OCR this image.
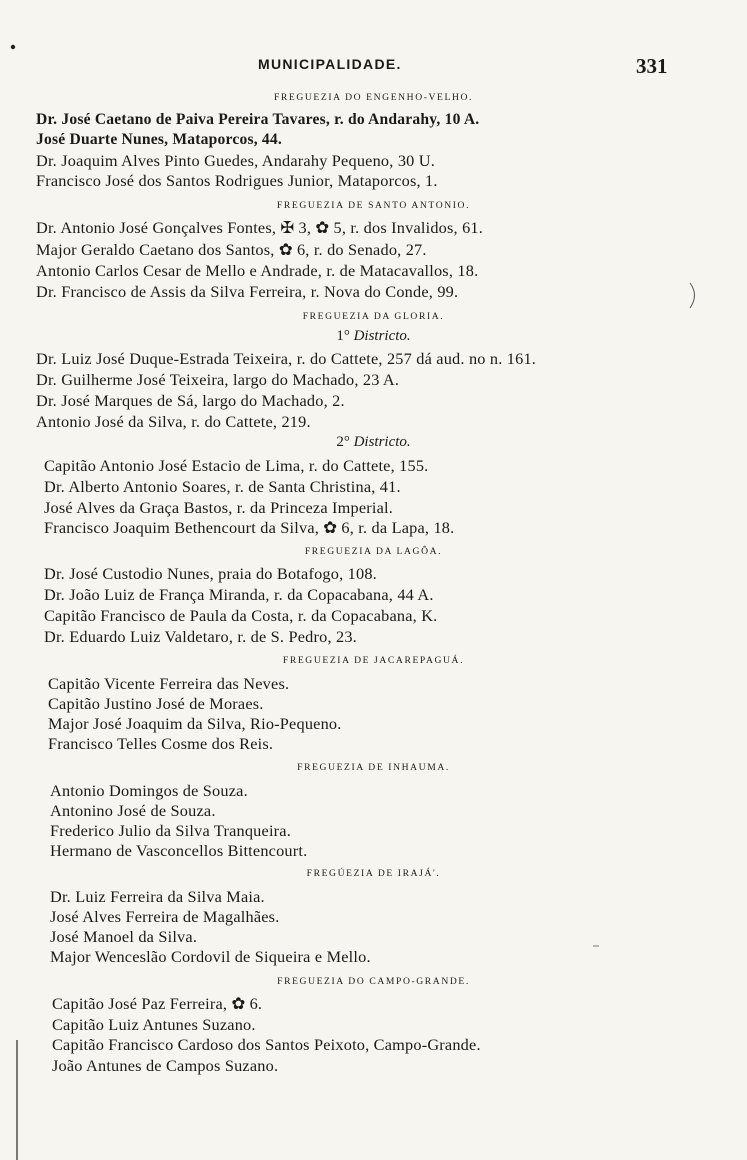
MUNICIPALIDADE.	331
FREGUEZIA DO ENGENHO-VELHO.
Dr. José Caetano de Paiva Pereira Tavares, r. do Andarahy, 10 A.
José Duarte Nunes, Mataporcos, 44.
Dr. Joaquim Alves Pinto Guedes, Andarahy Pequeno, 30 U.
Francisco José dos Santos Rodrigues Junior, Mataporcos, 1.
FREGUEZIA DE SANTO ANTONIO.
Dr. Antonio José Gonçalves Fontes, ✠ 3, ✿ 5, r. dos Invalidos, 61.
Major Geraldo Caetano dos Santos, ✿ 6, r. do Senado, 27.
Antonio Carlos Cesar de Mello e Andrade, r. de Matacavallos, 18.
Dr. Francisco de Assis da Silva Ferreira, r. Nova do Conde, 99.
FREGUEZIA DA GLORIA.
1° Districto.
Dr. Luiz José Duque-Estrada Teixeira, r. do Cattete, 257 dá aud. no n. 161.
Dr. Guilherme José Teixeira, largo do Machado, 23 A.
Dr. José Marques de Sá, largo do Machado, 2.
Antonio José da Silva, r. do Cattete, 219.
2° Districto.
Capitão Antonio José Estacio de Lima, r. do Cattete, 155.
Dr. Alberto Antonio Soares, r. de Santa Christina, 41.
José Alves da Graça Bastos, r. da Princeza Imperial.
Francisco Joaquim Bethencourt da Silva, ✿ 6, r. da Lapa, 18.
FREGUEZIA DA LAGÔA.
Dr. José Custodio Nunes, praia do Botafogo, 108.
Dr. João Luiz de França Miranda, r. da Copacabana, 44 A.
Capitão Francisco de Paula da Costa, r. da Copacabana, K.
Dr. Eduardo Luiz Valdetaro, r. de S. Pedro, 23.
FREGUEZIA DE JACAREPAGUÁ.
Capitão Vicente Ferreira das Neves.
Capitão Justino José de Moraes.
Major José Joaquim da Silva, Rio-Pequeno.
Francisco Telles Cosme dos Reis.
FREGUEZIA DE INHAUMA.
Antonio Domingos de Souza.
Antonino José de Souza.
Frederico Julio da Silva Tranqueira.
Hermano de Vasconcellos Bittencourt.
FREGÚEZIA DE IRAJÁ'.
Dr. Luiz Ferreira da Silva Maia.
José Alves Ferreira de Magalhães.
José Manoel da Silva.
Major Wenceslão Cordovil de Siqueira e Mello.
FREGUEZIA DO CAMPO-GRANDE.
Capitão José Paz Ferreira, ✿ 6.
Capitão Luiz Antunes Suzano.
Capitão Francisco Cardoso dos Santos Peixoto, Campo-Grande.
João Antunes de Campos Suzano.
